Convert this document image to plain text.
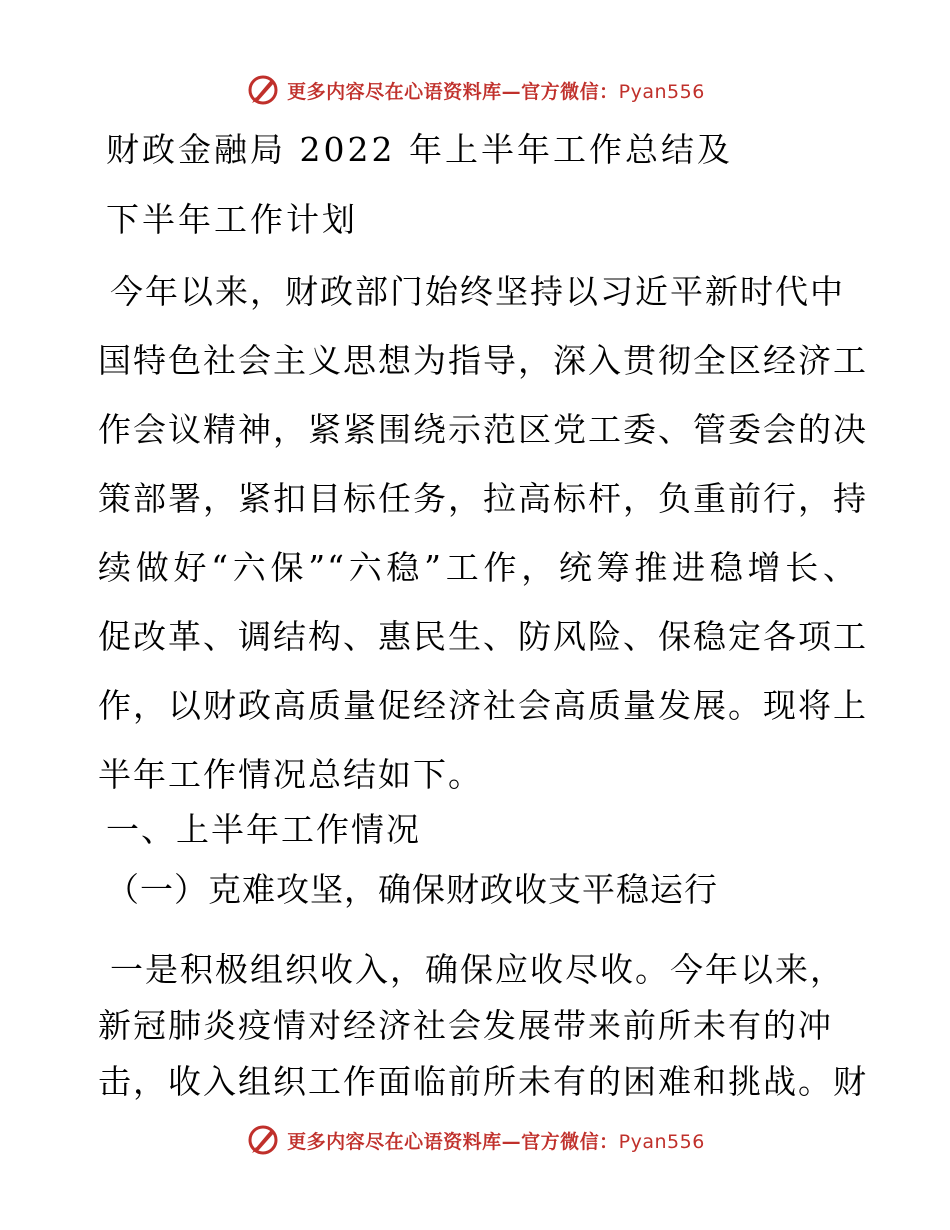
更多内容尽在心语资料库—官方微信：Pyan556
财政金融局 2022 年上半年工作总结及
下半年工作计划
今年以来，财政部门始终坚持以习近平新时代中
国特色社会主义思想为指导，深入贯彻全区经济工
作会议精神，紧紧围绕示范区党工委、管委会的决
策部署，紧扣目标任务，拉高标杆，负重前行，持
续做好“六保”“六稳”工作，统筹推进稳增长、
促改革、调结构、惠民生、防风险、保稳定各项工
作，以财政高质量促经济社会高质量发展。现将上
半年工作情况总结如下。
一、上半年工作情况
（一）克难攻坚，确保财政收支平稳运行
一是积极组织收入，确保应收尽收。今年以来，
新冠肺炎疫情对经济社会发展带来前所未有的冲
击，收入组织工作面临前所未有的困难和挑战。财
更多内容尽在心语资料库—官方微信：Pyan556
